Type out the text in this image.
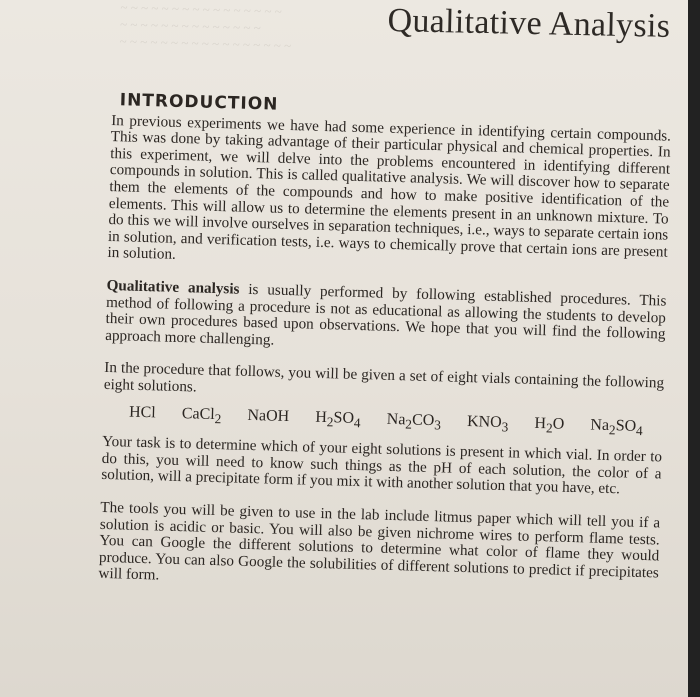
~ ~ ~ ~ ~ ~ ~ ~ ~ ~ ~ ~ ~ ~ ~ ~
~ ~ ~ ~ ~ ~ ~ ~ ~ ~ ~ ~ ~ ~
~ ~ ~ ~ ~ ~ ~ ~ ~ ~ ~ ~ ~ ~ ~ ~ ~	Qualitative Analysis
INTRODUCTION

In previous experiments we have had some experience in identifying certain compounds. This was done by taking advantage of their particular physical and chemical properties. In this experiment, we will delve into the problems encountered in identifying different compounds in solution. This is called qualitative analysis. We will discover how to separate them the elements of the compounds and how to make positive identification of the elements. This will allow us to determine the elements present in an unknown mixture. To do this we will involve ourselves in separation techniques, i.e., ways to separate certain ions in solution, and verification tests, i.e. ways to chemically prove that certain ions are present in solution.

Qualitative analysis is usually performed by following established procedures. This method of following a procedure is not as educational as allowing the students to develop their own procedures based upon observations. We hope that you will find the following approach more challenging.

In the procedure that follows, you will be given a set of eight vials containing the following eight solutions.

HCl CaCl$_2$ NaOH $H_2SO_4$ $Na_2CO_3$ $KNO_3$ $H_2O$ $Na_2SO_4$

Your task is to determine which of your eight solutions is present in which vial. In order to do this, you will need to know such things as the pH of each solution, the color of a solution, will a precipitate form if you mix it with another solution that you have, etc.

The tools you will be given to use in the lab include litmus paper which will tell you if a solution is acidic or basic. You will also be given nichrome wires to perform flame tests. You can Google the different solutions to determine what color of flame they would produce. You can also Google the solubilities of different solutions to predict if precipitates will form.
